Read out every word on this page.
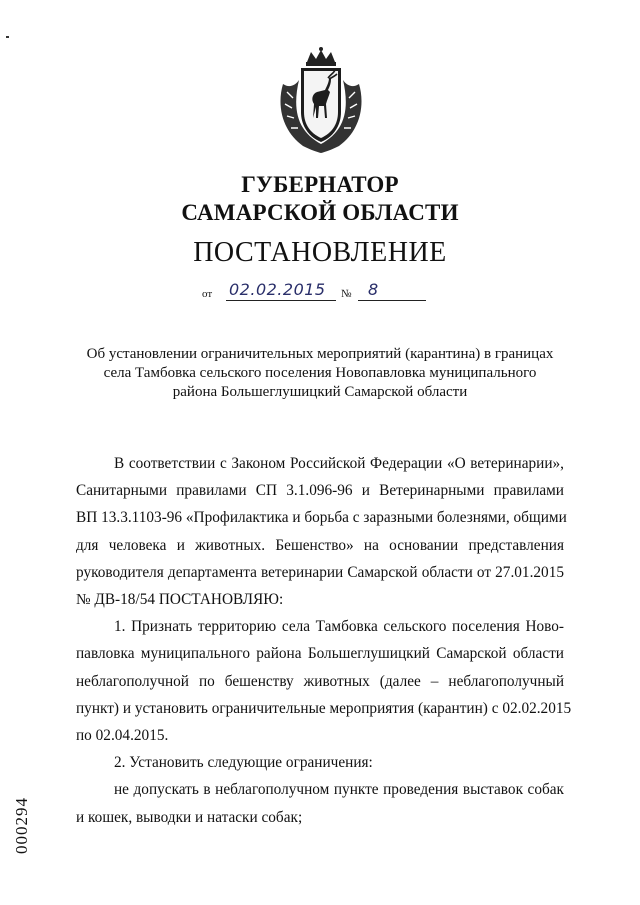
ГУБЕРНАТОР
САМАРСКОЙ ОБЛАСТИ
ПОСТАНОВЛЕНИЕ
от 02.02.2015 № 8
Об установлении ограничительных мероприятий (карантина) в границах
села Тамбовка сельского поселения Новопавловка муниципального
района Большеглушицкий Самарской области

В соответствии с Законом Российской Федерации «О ветеринарии»,
Санитарными правилами СП 3.1.096-96 и Ветеринарными правилами
ВП 13.3.1103-96 «Профилактика и борьба с заразными болезнями, общими
для человека и животных. Бешенство» на основании представления
руководителя департамента ветеринарии Самарской области от 27.01.2015
№ ДВ-18/54 ПОСТАНОВЛЯЮ:

1. Признать территорию села Тамбовка сельского поселения Ново-
павловка муниципального района Большеглушицкий Самарской области
неблагополучной по бешенству животных (далее – неблагополучный
пункт) и установить ограничительные мероприятия (карантин) с 02.02.2015
по 02.04.2015.

2. Установить следующие ограничения:

не допускать в неблагополучном пункте проведения выставок собак
и кошек, выводки и натаски собак;

000294
